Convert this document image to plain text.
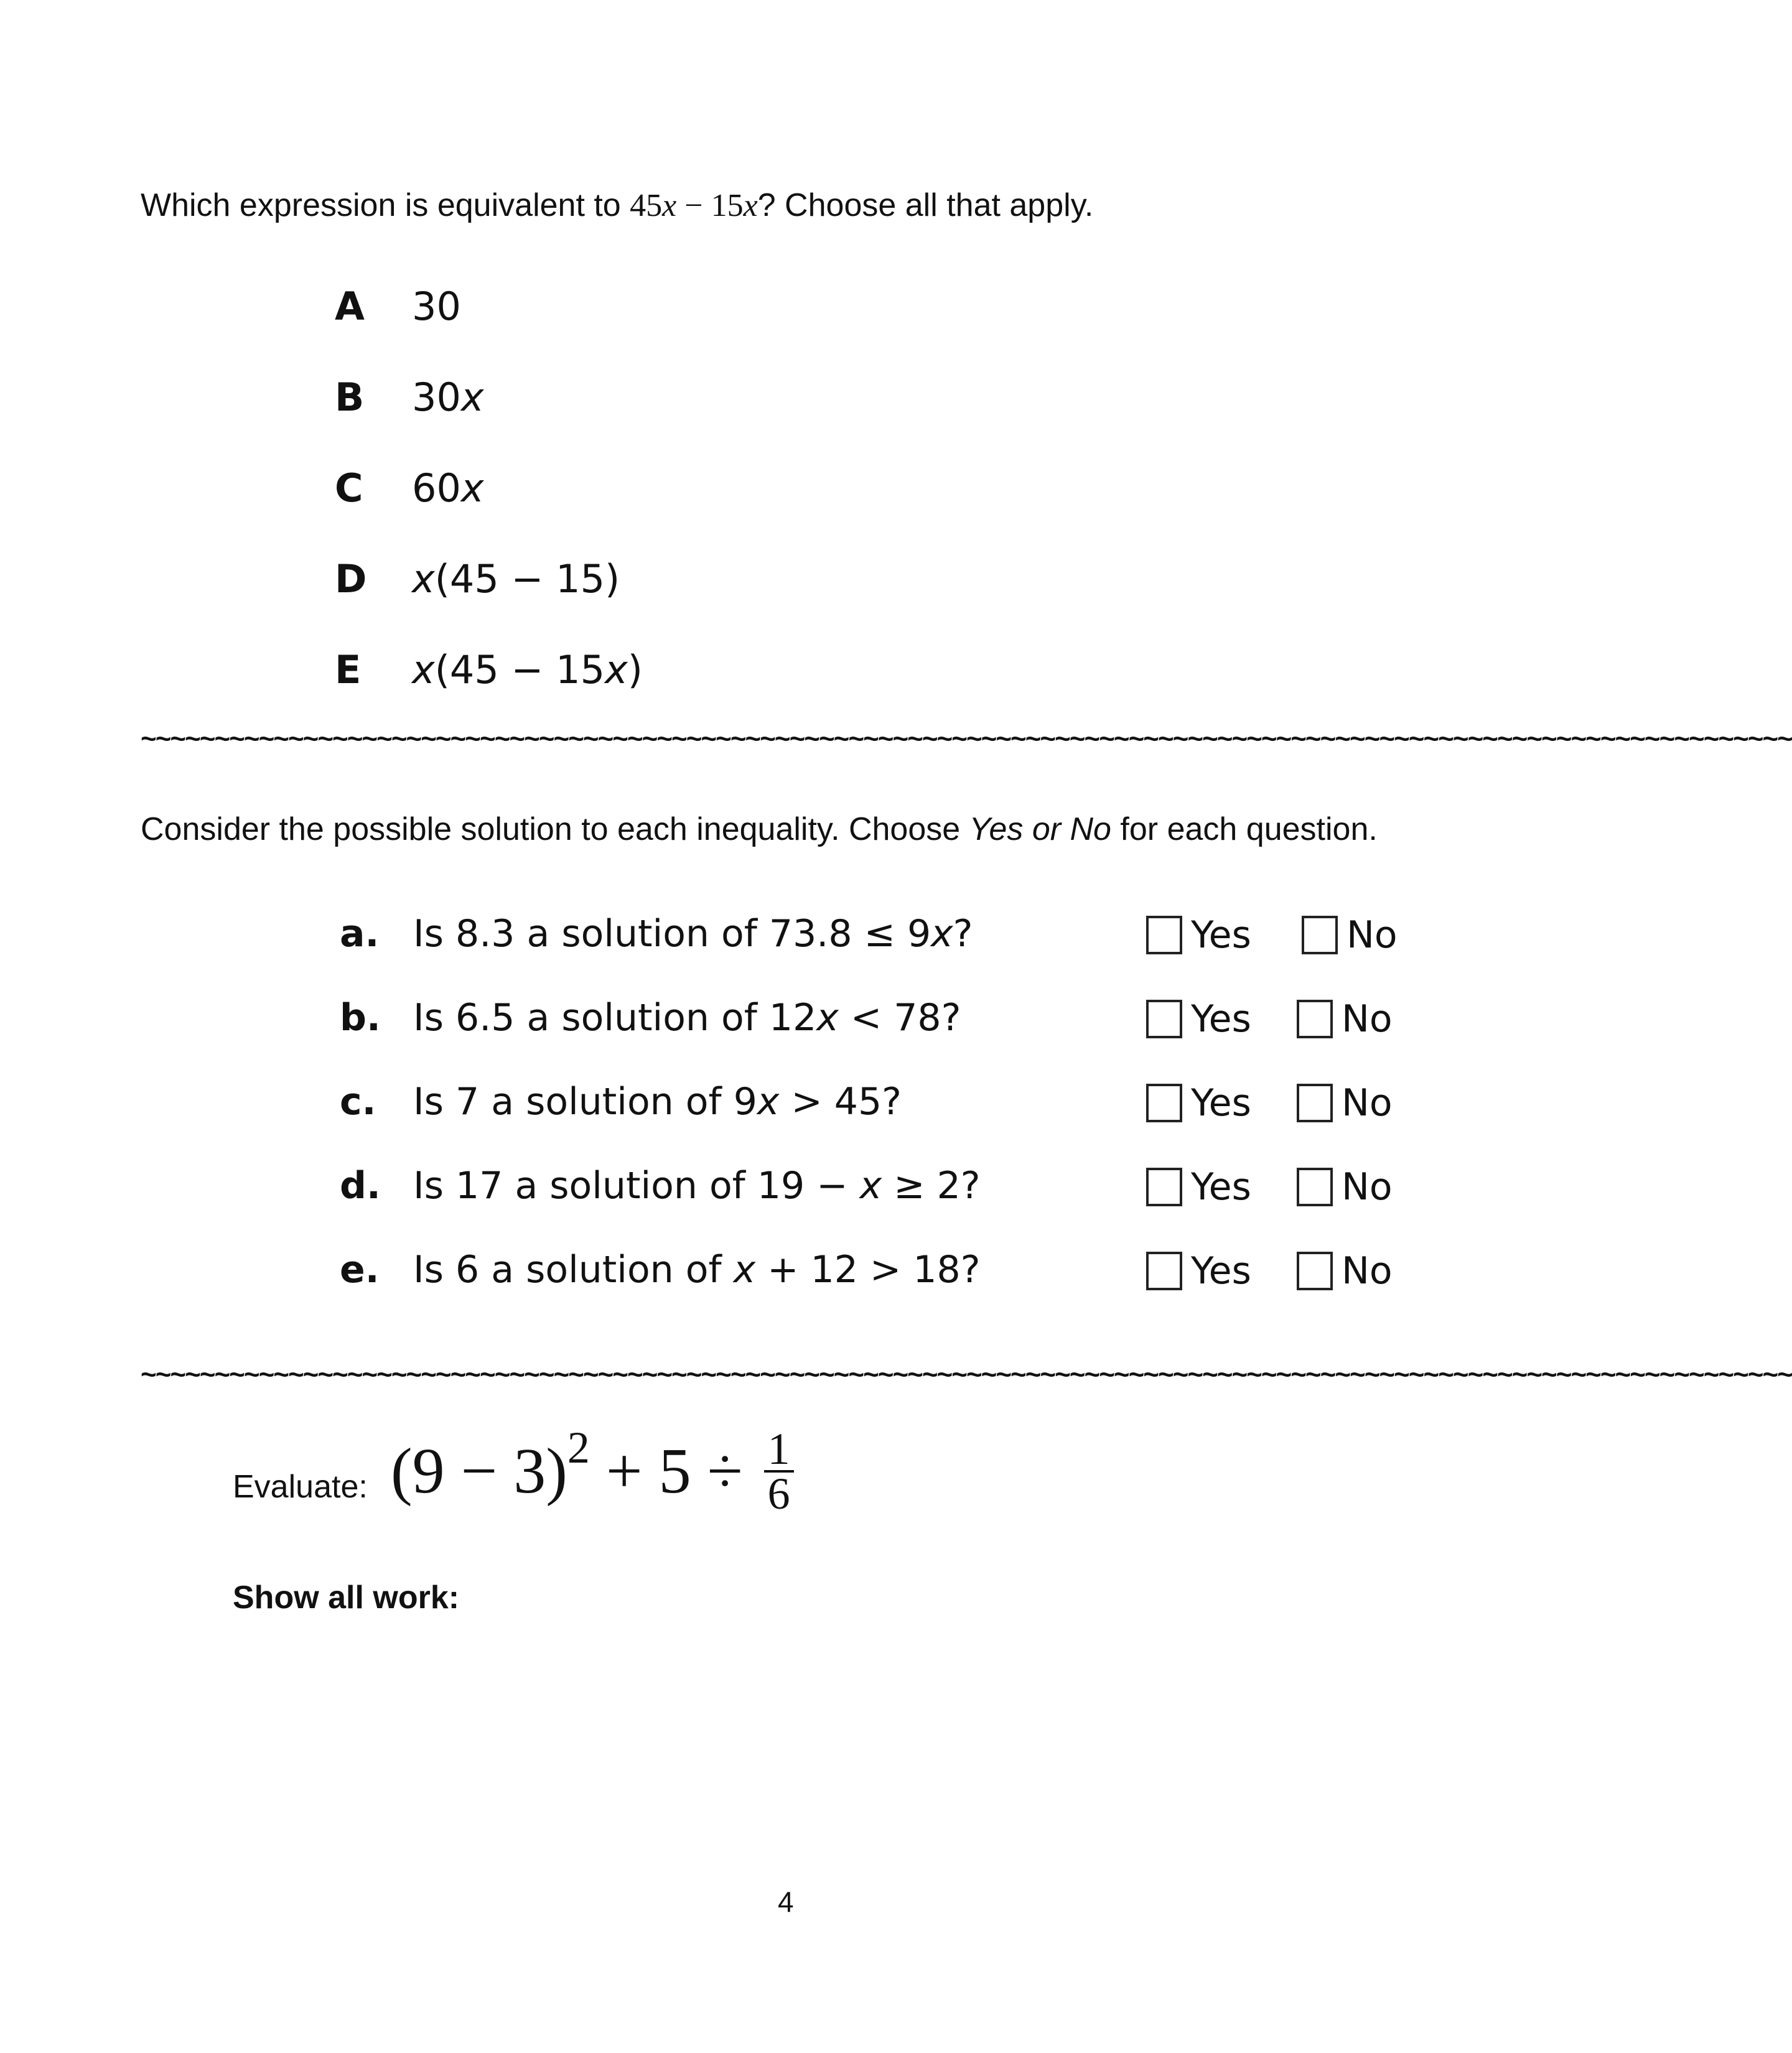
Which expression is equivalent to 45x − 15x? Choose all that apply.
A 30
B 30x
C 60x
D x(45 − 15)
E x(45 − 15x)
~~~~~~~~~~~~~~~~~~~~~~~~~~~~~~~~~~~~~~~~~~~~~~~~~~~~~~~~~~~~~~~~~~~~~~~~~~~~~~~~~~~~~~~~~~~~~~~~~~~~~~~~~~~~~~~~
Consider the possible solution to each inequality. Choose Yes or No for each question.
a. Is 8.3 a solution of 73.8 ≤ 9x?	Yes	No
b. Is 6.5 a solution of 12x < 78?	Yes No
c. Is 7 a solution of 9x > 45?	Yes No
d. Is 17 a solution of 19 − x ≥ 2?	Yes No
e. Is 6 a solution of x + 12 > 18?	Yes No
~~~~~~~~~~~~~~~~~~~~~~~~~~~~~~~~~~~~~~~~~~~~~~~~~~~~~~~~~~~~~~~~~~~~~~~~~~~~~~~~~~~~~~~~~~~~~~~~~~~~~~~~~~~~~~~~
Evaluate: $(9 - 3)^2 + 5 \div \frac{1}{6}$
Show all work:
4
